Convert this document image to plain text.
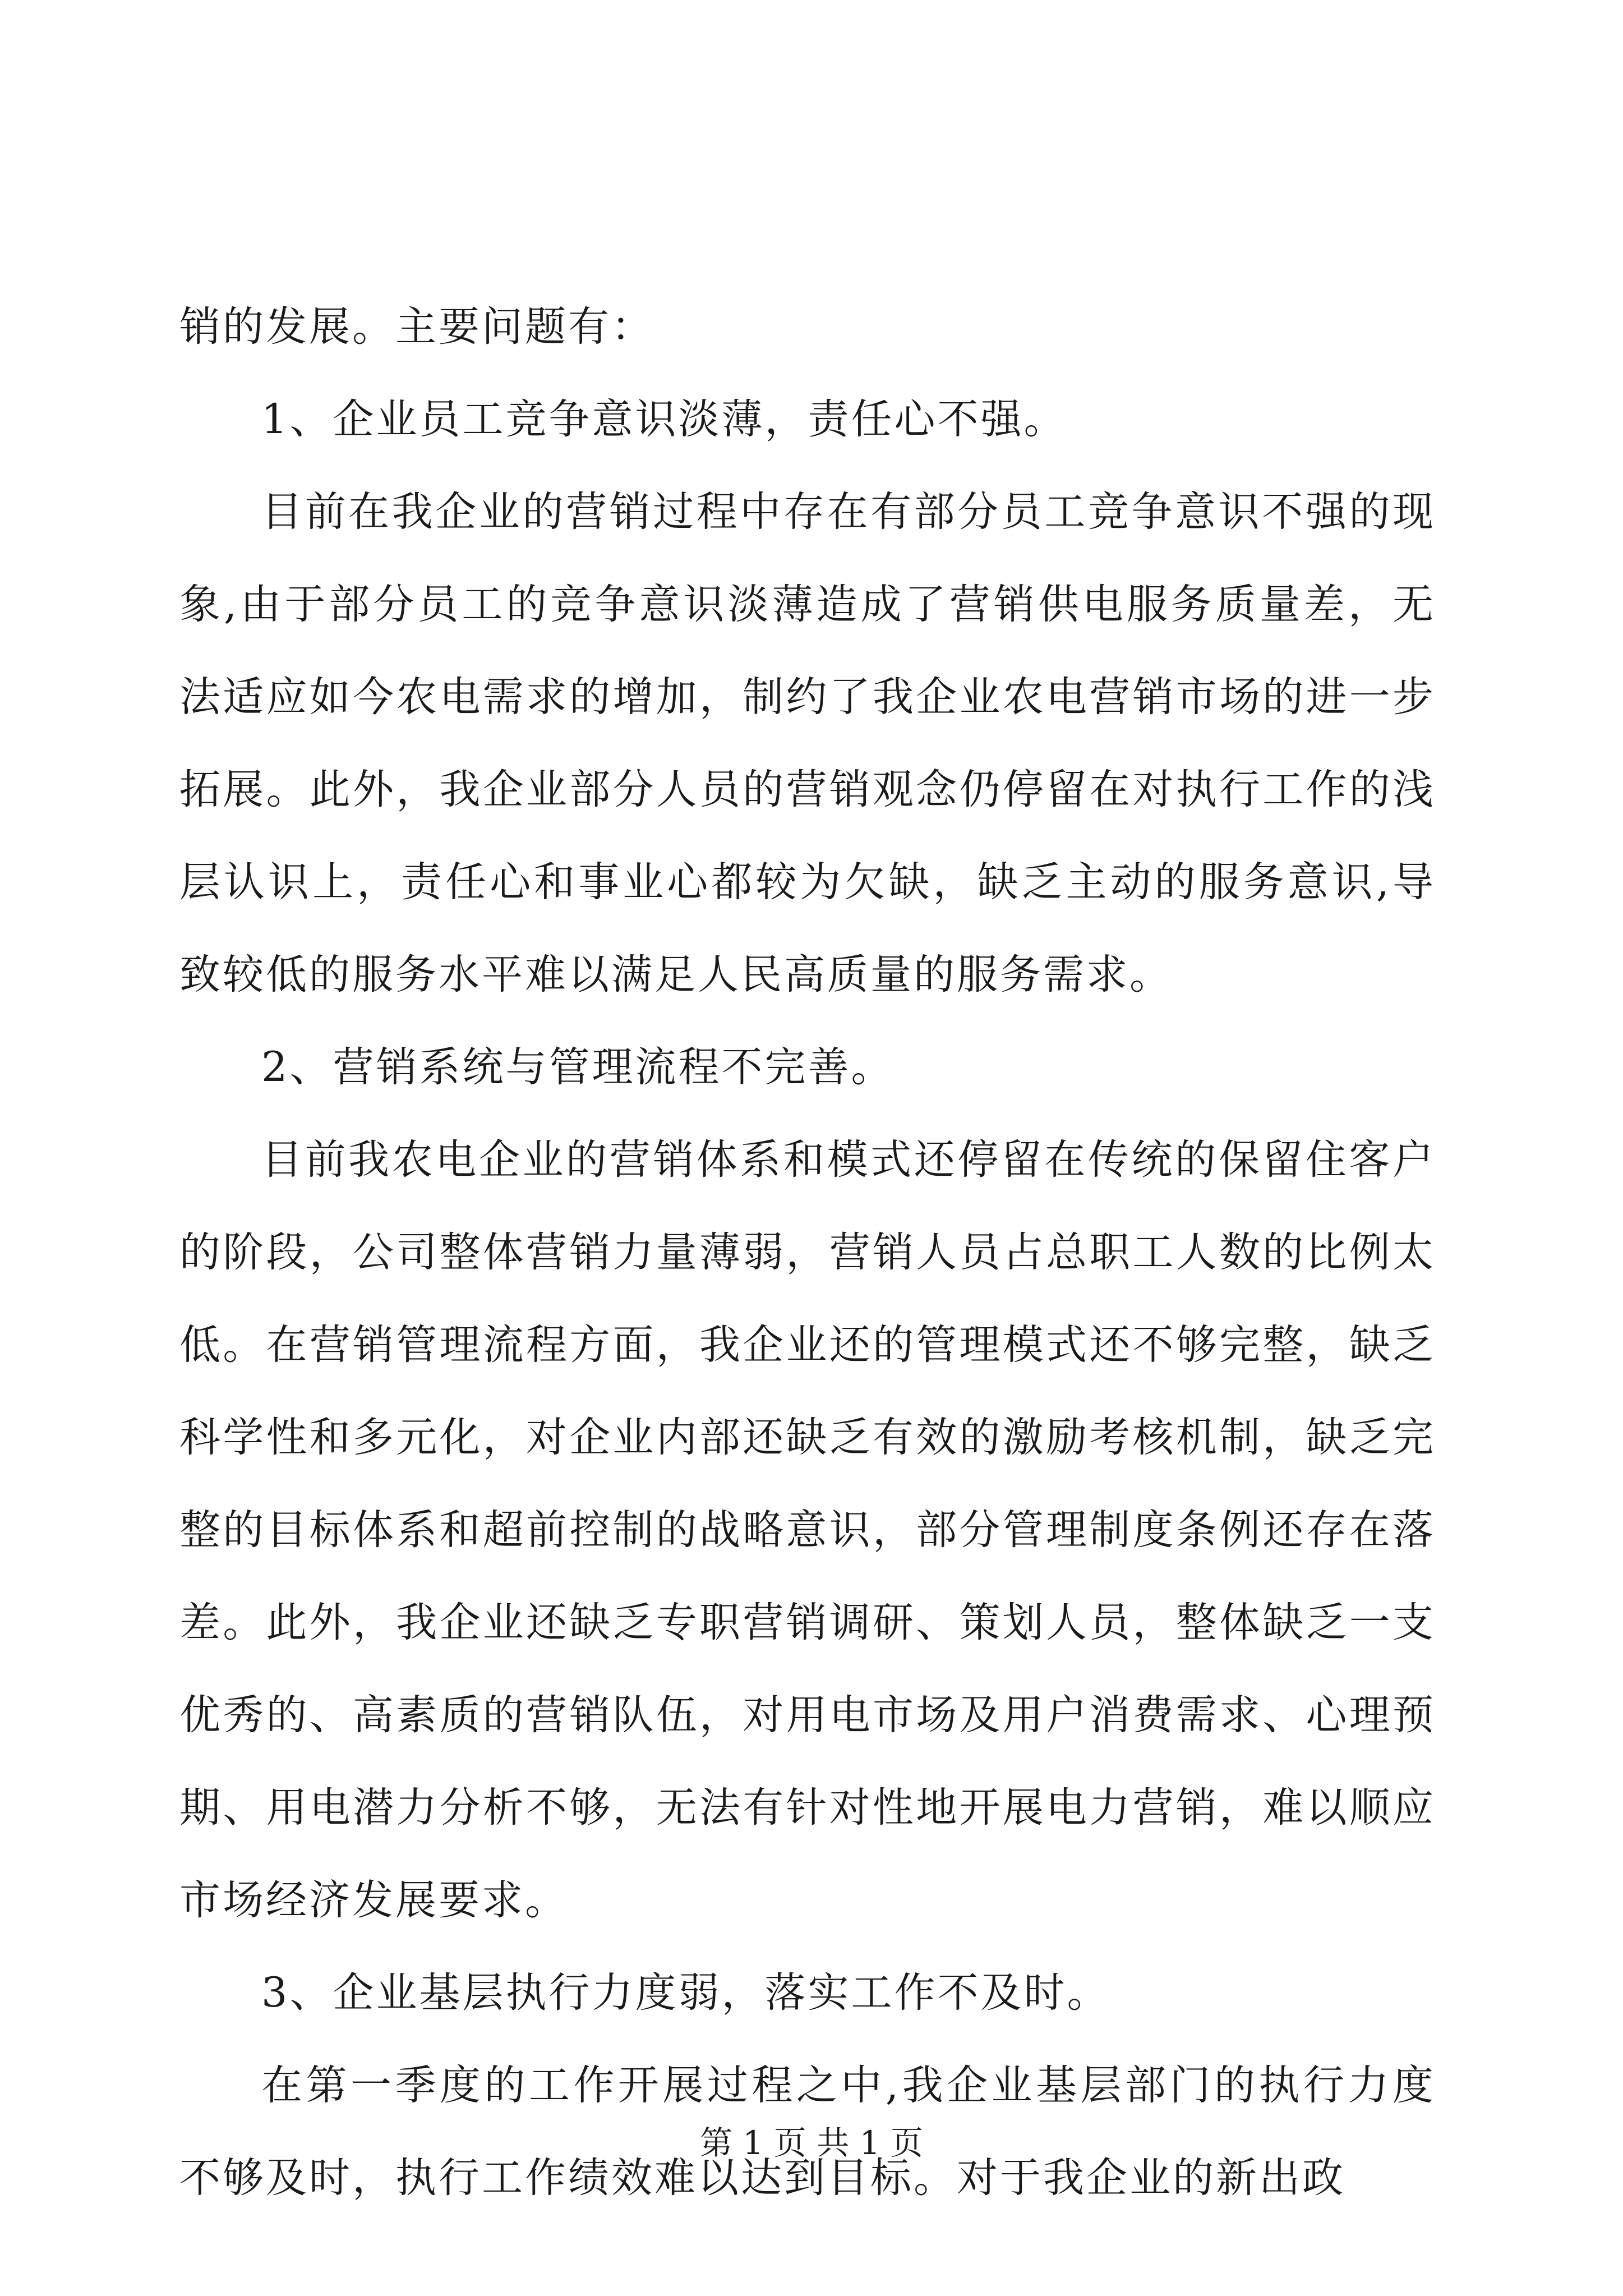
销的发展。主要问题有：

1、企业员工竞争意识淡薄，责任心不强。

目前在我企业的营销过程中存在有部分员工竞争意识不强的现象,由于部分员工的竞争意识淡薄造成了营销供电服务质量差，无法适应如今农电需求的增加，制约了我企业农电营销市场的进一步拓展。此外，我企业部分人员的营销观念仍停留在对执行工作的浅层认识上，责任心和事业心都较为欠缺，缺乏主动的服务意识,导致较低的服务水平难以满足人民高质量的服务需求。

2、营销系统与管理流程不完善。

目前我农电企业的营销体系和模式还停留在传统的保留住客户的阶段，公司整体营销力量薄弱，营销人员占总职工人数的比例太低。在营销管理流程方面，我企业还的管理模式还不够完整，缺乏科学性和多元化，对企业内部还缺乏有效的激励考核机制，缺乏完整的目标体系和超前控制的战略意识，部分管理制度条例还存在落差。此外，我企业还缺乏专职营销调研、策划人员，整体缺乏一支优秀的、高素质的营销队伍，对用电市场及用户消费需求、心理预期、用电潜力分析不够，无法有针对性地开展电力营销，难以顺应市场经济发展要求。

3、企业基层执行力度弱，落实工作不及时。

在第一季度的工作开展过程之中,我企业基层部门的执行力度不够及时，执行工作绩效难以达到目标。对于我企业的新出政

第 1 页 共 1 页
